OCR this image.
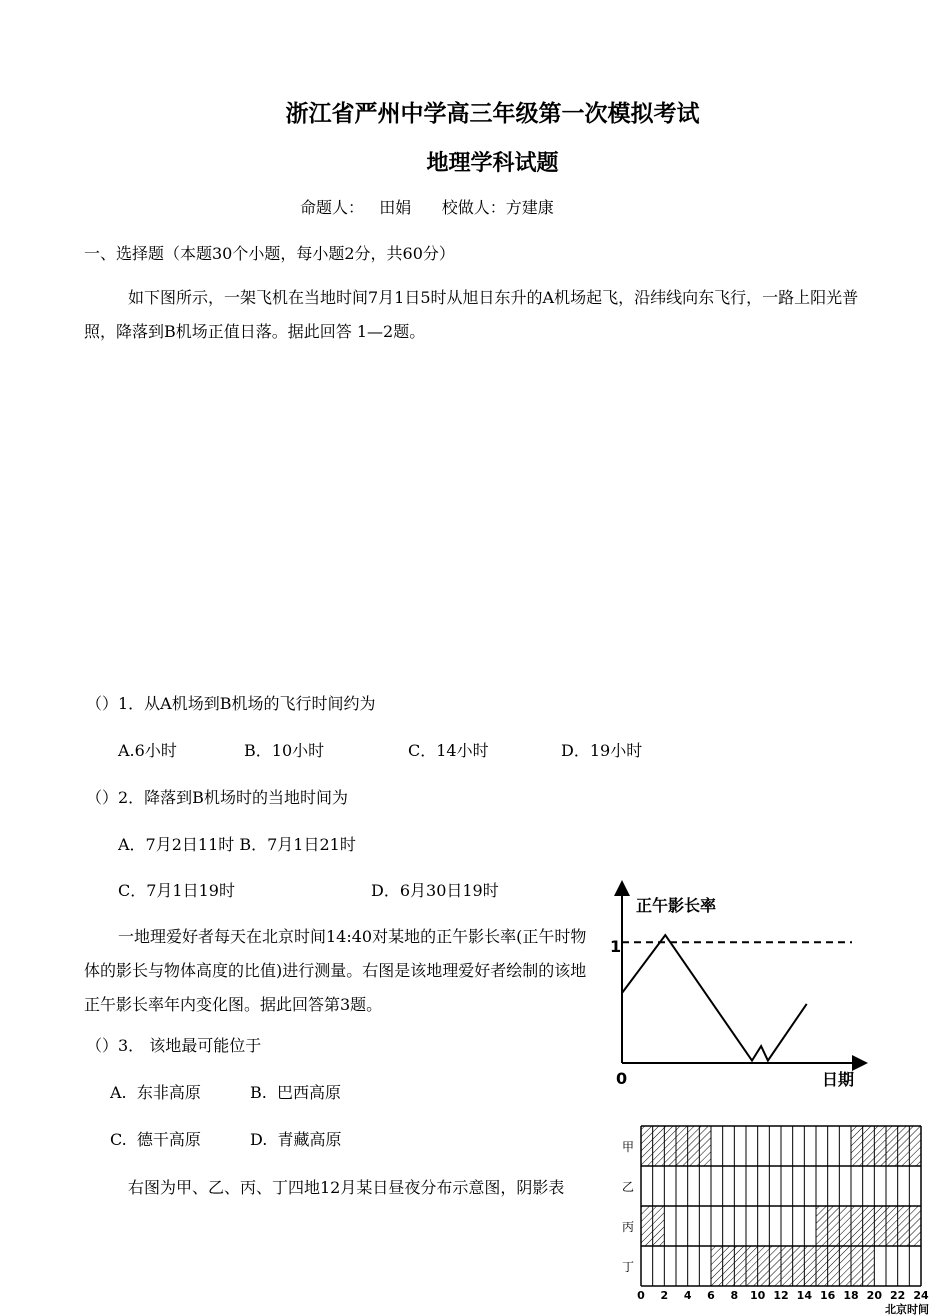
浙江省严州中学高三年级第一次模拟考试
地理学科试题
命题人：   田娟      校做人：方建康
一、选择题（本题30个小题，每小题2分，共60分）
如下图所示，一架飞机在当地时间7月1日5时从旭日东升的A机场起飞，沿纬线向东飞行，一路上阳光普照，降落到B机场正值日落。据此回答 1—2题。
（）1．从A机场到B机场的飞行时间约为
A.6小时	B．10小时	C．14小时	D．19小时
（）2．降落到B机场时的当地时间为
A．7月2日11时 B．7月1日21时
C．7月1日19时	D．6月30日19时
一地理爱好者每天在北京时间14:40对某地的正午影长率(正午时物体的影长与物体高度的比值)进行测量。右图是该地理爱好者绘制的该地正午影长率年内变化图。据此回答第3题。
（）3． 该地最可能位于
A.  东非高原	B.  巴西高原
C.  德干高原	D.  青藏高原
右图为甲、乙、丙、丁四地12月某日昼夜分布示意图，阴影表
正午影长率
日期
0
1
甲
乙
丙
丁
0 2 4 6 8 10 12 14 16 18 20 22 24
北京时间
